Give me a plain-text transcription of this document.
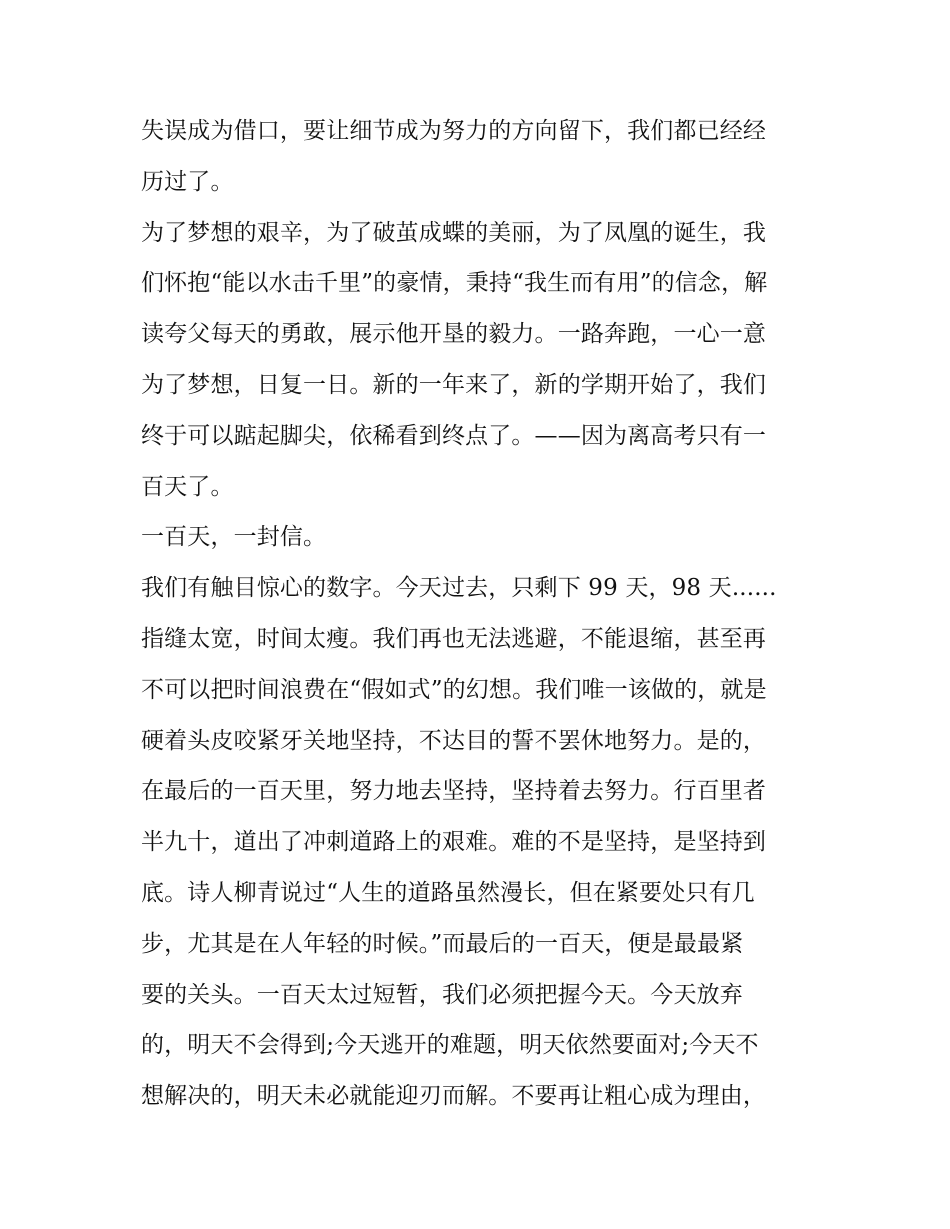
失误成为借口，要让细节成为努力的方向留下，我们都已经经
历过了。
为了梦想的艰辛，为了破茧成蝶的美丽，为了凤凰的诞生，我
们怀抱“能以水击千里”的豪情，秉持“我生而有用”的信念，解
读夸父每天的勇敢，展示他开垦的毅力。一路奔跑，一心一意
为了梦想，日复一日。新的一年来了，新的学期开始了，我们
终于可以踮起脚尖，依稀看到终点了。——因为离高考只有一
百天了。
一百天，一封信。
我们有触目惊心的数字。今天过去，只剩下 99 天，98 天......
指缝太宽，时间太瘦。我们再也无法逃避，不能退缩，甚至再
不可以把时间浪费在“假如式”的幻想。我们唯一该做的，就是
硬着头皮咬紧牙关地坚持，不达目的誓不罢休地努力。是的，
在最后的一百天里，努力地去坚持，坚持着去努力。行百里者
半九十，道出了冲刺道路上的艰难。难的不是坚持，是坚持到
底。诗人柳青说过“人生的道路虽然漫长，但在紧要处只有几
步，尤其是在人年轻的时候。”而最后的一百天，便是最最紧
要的关头。一百天太过短暂，我们必须把握今天。今天放弃
的，明天不会得到;今天逃开的难题，明天依然要面对;今天不
想解决的，明天未必就能迎刃而解。不要再让粗心成为理由，
